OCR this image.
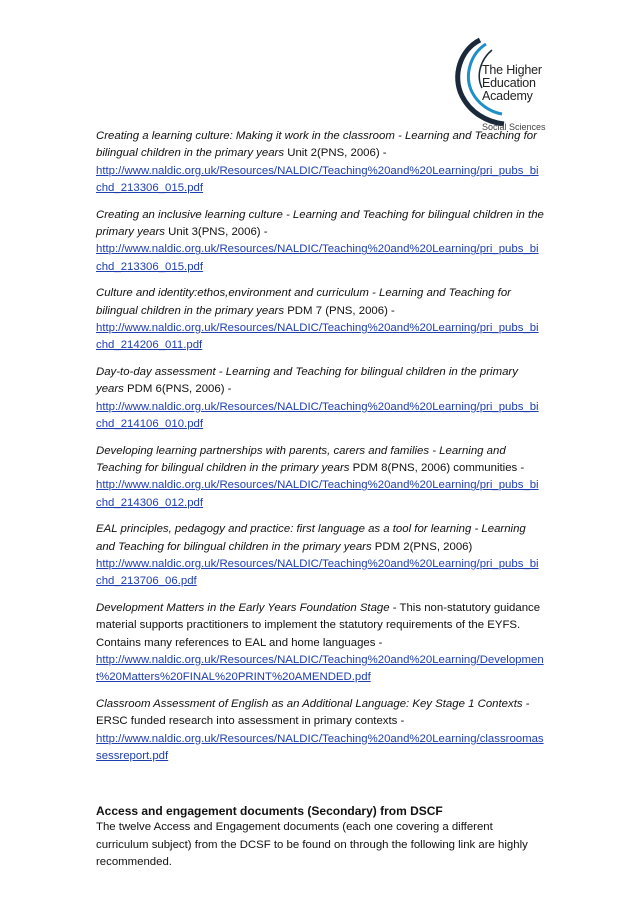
The Higher
Education
Academy
Social Sciences
Creating a learning culture: Making it work in the classroom - Learning and Teaching for bilingual children in the primary years Unit 2(PNS, 2006) -
http://www.naldic.org.uk/Resources/NALDIC/Teaching%20and%20Learning/pri_pubs_bichd_213306_015.pdf
Creating an inclusive learning culture - Learning and Teaching for bilingual children in the primary years Unit 3(PNS, 2006) -
http://www.naldic.org.uk/Resources/NALDIC/Teaching%20and%20Learning/pri_pubs_bichd_213306_015.pdf
Culture and identity:ethos,environment and curriculum - Learning and Teaching for bilingual children in the primary years PDM 7 (PNS, 2006) -
http://www.naldic.org.uk/Resources/NALDIC/Teaching%20and%20Learning/pri_pubs_bichd_214206_011.pdf
Day-to-day assessment - Learning and Teaching for bilingual children in the primary years PDM 6(PNS, 2006) -
http://www.naldic.org.uk/Resources/NALDIC/Teaching%20and%20Learning/pri_pubs_bichd_214106_010.pdf
Developing learning partnerships with parents, carers and families - Learning and Teaching for bilingual children in the primary years PDM 8(PNS, 2006) communities -
http://www.naldic.org.uk/Resources/NALDIC/Teaching%20and%20Learning/pri_pubs_bichd_214306_012.pdf
EAL principles, pedagogy and practice: first language as a tool for learning - Learning and Teaching for bilingual children in the primary years PDM 2(PNS, 2006)
http://www.naldic.org.uk/Resources/NALDIC/Teaching%20and%20Learning/pri_pubs_bichd_213706_06.pdf
Development Matters in the Early Years Foundation Stage - This non-statutory guidance material supports practitioners to implement the statutory requirements of the EYFS. Contains many references to EAL and home languages -
http://www.naldic.org.uk/Resources/NALDIC/Teaching%20and%20Learning/Development%20Matters%20FINAL%20PRINT%20AMENDED.pdf
Classroom Assessment of English as an Additional Language: Key Stage 1 Contexts - ERSC funded research into assessment in primary contexts -
http://www.naldic.org.uk/Resources/NALDIC/Teaching%20and%20Learning/classroomassessreport.pdf
Access and engagement documents (Secondary) from DSCF

The twelve Access and Engagement documents (each one covering a different curriculum subject) from the DCSF to be found on through the following link are highly recommended.
